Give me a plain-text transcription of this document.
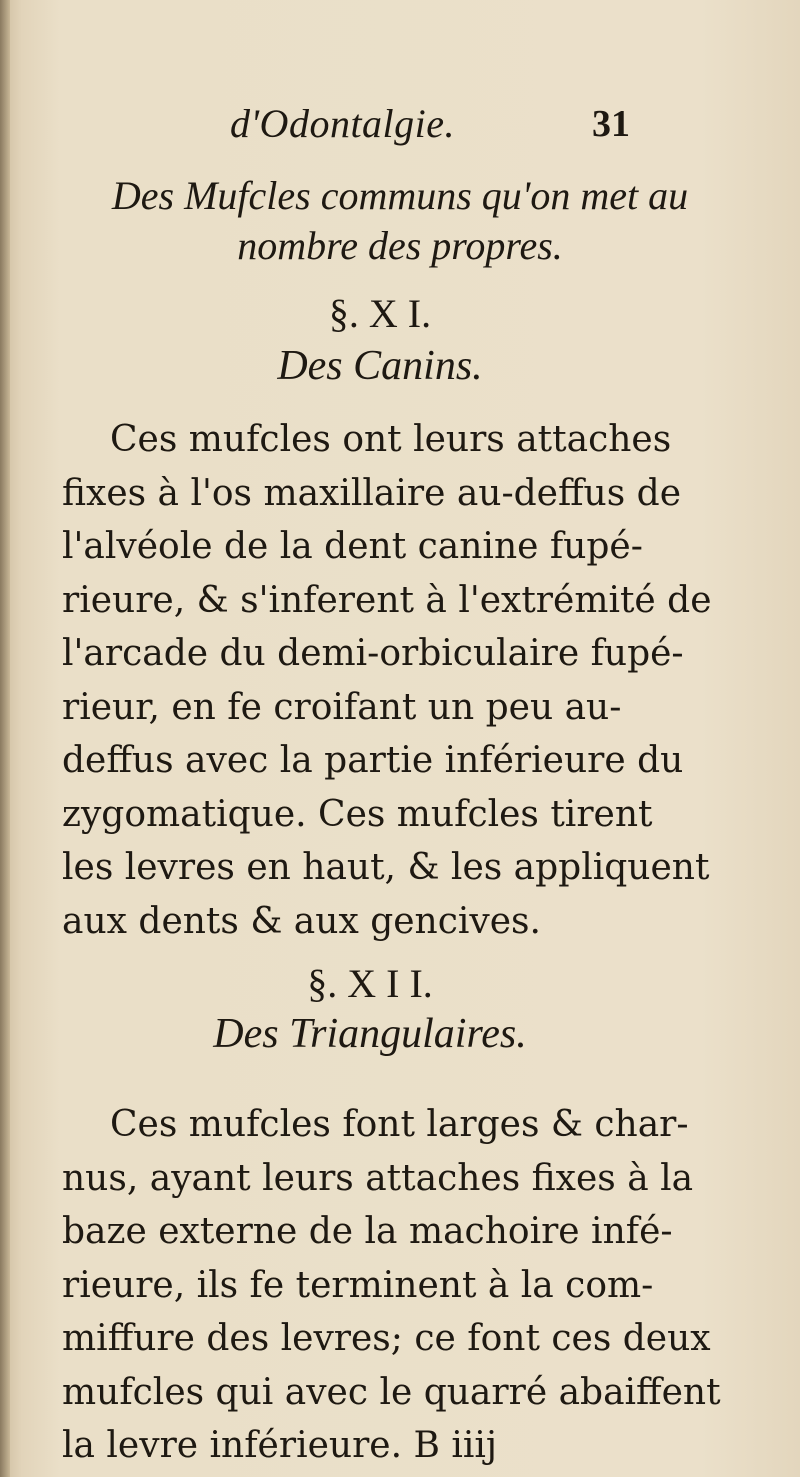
d'Odontalgie.	31
Des Mufcles communs qu'on met au
nombre des propres.
§. X I.
Des Canins.
Ces mufcles ont leurs attaches
fixes à l'os maxillaire au-deffus de
l'alvéole de la dent canine fupé-
rieure, & s'inferent à l'extrémité de
l'arcade du demi-orbiculaire fupé-
rieur, en fe croifant un peu au-
deffus avec la partie inférieure du
zygomatique. Ces mufcles tirent
les levres en haut, & les appliquent
aux dents & aux gencives.
§. X I I.
Des Triangulaires.
Ces mufcles font larges & char-
nus, ayant leurs attaches fixes à la
baze externe de la machoire infé-
rieure, ils fe terminent à la com-
miffure des levres; ce font ces deux
mufcles qui avec le quarré abaiffent
la levre inférieure. B iiij
